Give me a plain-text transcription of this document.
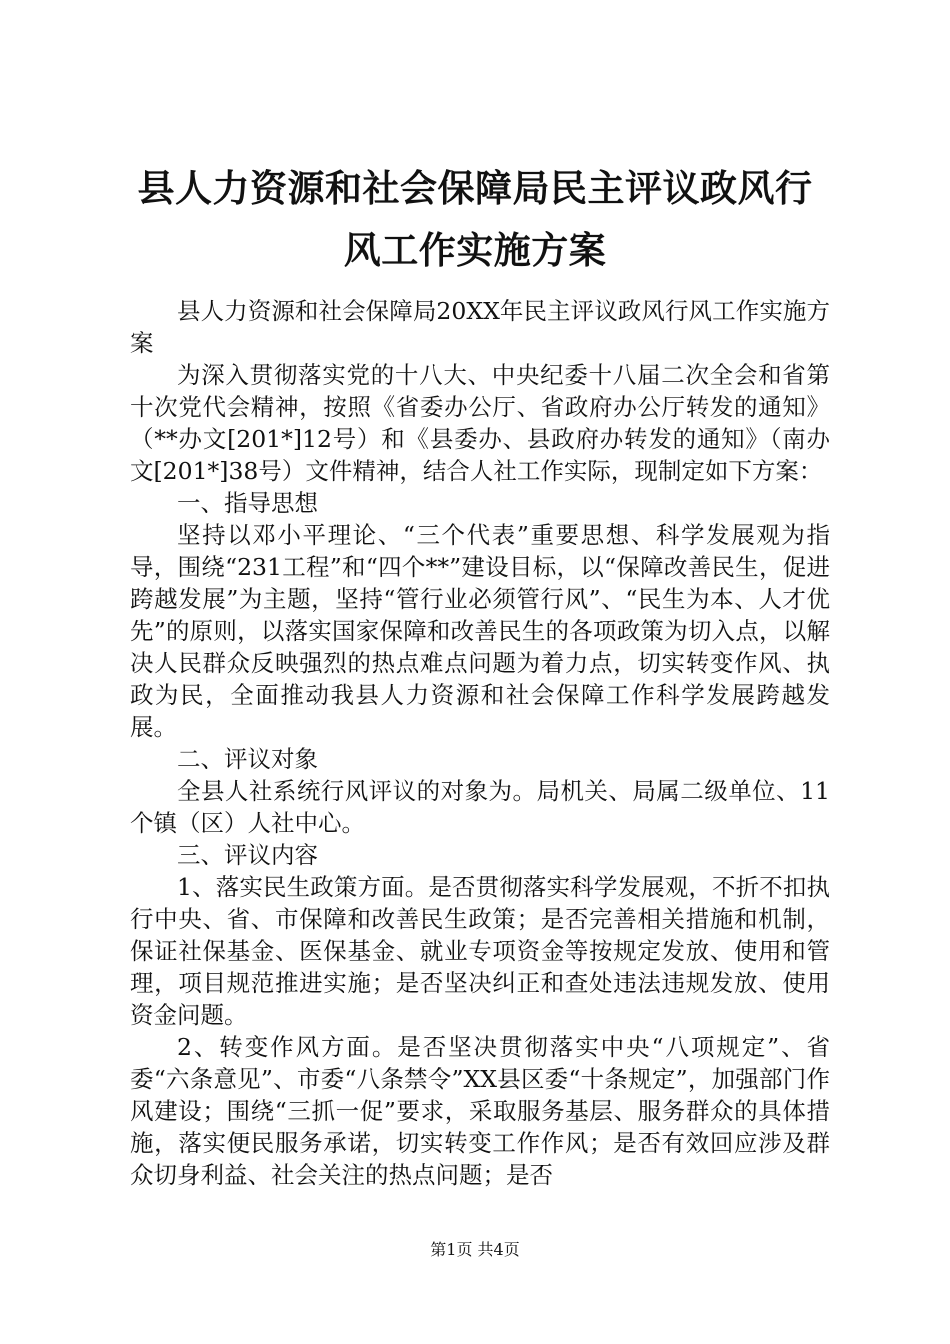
县人力资源和社会保障局民主评议政风行风工作实施方案

县人力资源和社会保障局20XX年民主评议政风行风工作实施方案

为深入贯彻落实党的十八大、中央纪委十八届二次全会和省第十次党代会精神，按照《省委办公厅、省政府办公厅转发的通知》（**办文[201*]12号）和《县委办、县政府办转发的通知》（南办文[201*]38号）文件精神，结合人社工作实际，现制定如下方案：

一、指导思想

坚持以邓小平理论、“三个代表”重要思想、科学发展观为指导，围绕“231工程”和“四个**”建设目标，以“保障改善民生，促进跨越发展”为主题，坚持“管行业必须管行风”、“民生为本、人才优先”的原则，以落实国家保障和改善民生的各项政策为切入点，以解决人民群众反映强烈的热点难点问题为着力点，切实转变作风、执政为民，全面推动我县人力资源和社会保障工作科学发展跨越发展。

二、评议对象

全县人社系统行风评议的对象为。局机关、局属二级单位、11个镇（区）人社中心。

三、评议内容

1、落实民生政策方面。是否贯彻落实科学发展观，不折不扣执行中央、省、市保障和改善民生政策；是否完善相关措施和机制，保证社保基金、医保基金、就业专项资金等按规定发放、使用和管理，项目规范推进实施；是否坚决纠正和查处违法违规发放、使用资金问题。

2、转变作风方面。是否坚决贯彻落实中央“八项规定”、省委“六条意见”、市委“八条禁令”XX县区委“十条规定”，加强部门作风建设；围绕“三抓一促”要求，采取服务基层、服务群众的具体措施，落实便民服务承诺，切实转变工作作风；是否有效回应涉及群众切身利益、社会关注的热点问题；是否

第1页 共4页
